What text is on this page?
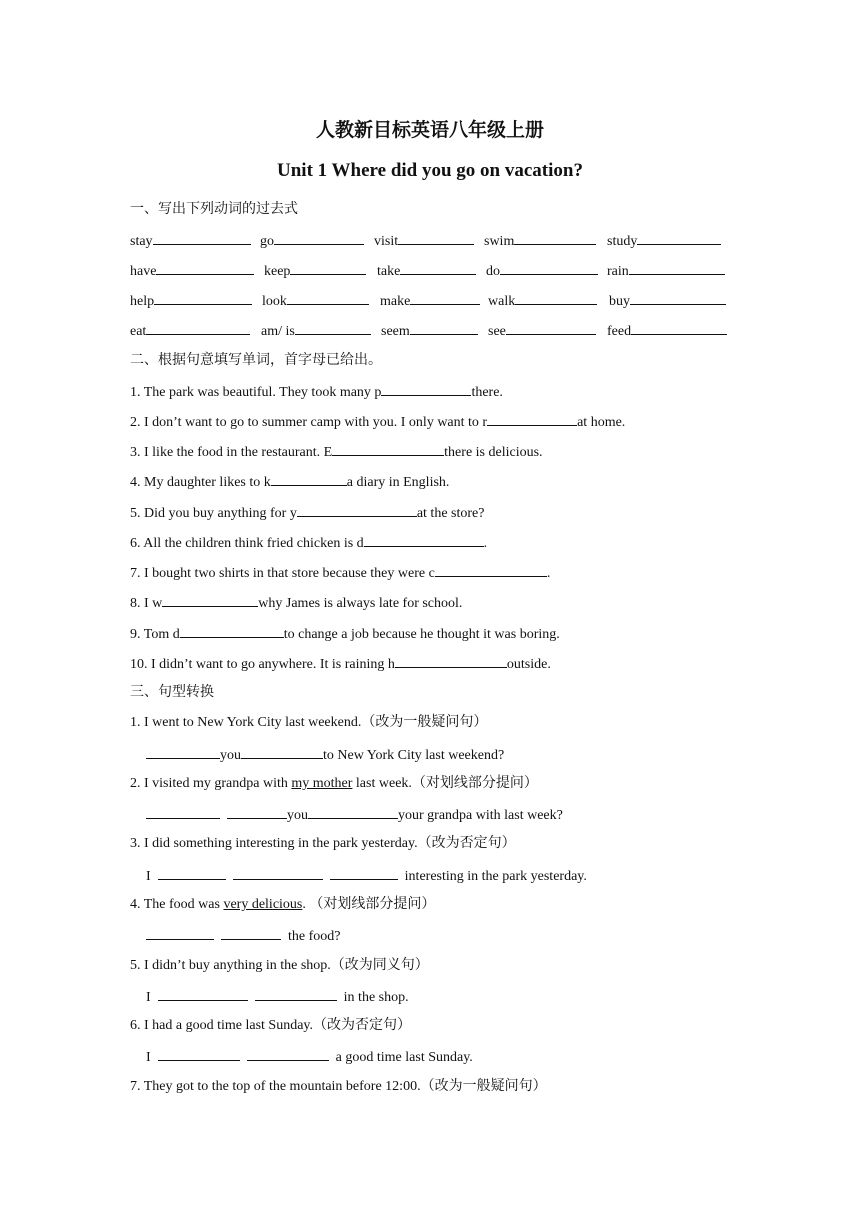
人教新目标英语八年级上册
Unit 1 Where did you go on vacation?
一、写出下列动词的过去式
stay	go	visit	swim	study
have	keep	take	do	rain
help	look	make	walk	buy
eat	am/ is	seem	see	feed
二、根据句意填写单词，首字母已给出。
1. The park was beautiful. They took many p	there.
2. I don’t want to go to summer camp with you. I only want to r	at home.
3. I like the food in the restaurant. E	there is delicious.
4. My daughter likes to k	a diary in English.
5. Did you buy anything for y	at the store?
6. All the children think fried chicken is d	.
7. I bought two shirts in that store because they were c	.
8. I w	why James is always late for school.
9. Tom d	to change a job because he thought it was boring.
10. I didn’t want to go anywhere. It is raining h	outside.
三、句型转换
1. I went to New York City last weekend.（改为一般疑问句）
you	to New York City last weekend?
2. I visited my grandpa with my mother last week.（对划线部分提问）
you	your grandpa with last week?
3. I did something interesting in the park yesterday.（改为否定句）
I	interesting in the park yesterday.
4. The food was very delicious. （对划线部分提问）
the food?
5. I didn’t buy anything in the shop.（改为同义句）
I	in the shop.
6. I had a good time last Sunday.（改为否定句）
I	a good time last Sunday.
7. They got to the top of the mountain before 12:00.（改为一般疑问句）
